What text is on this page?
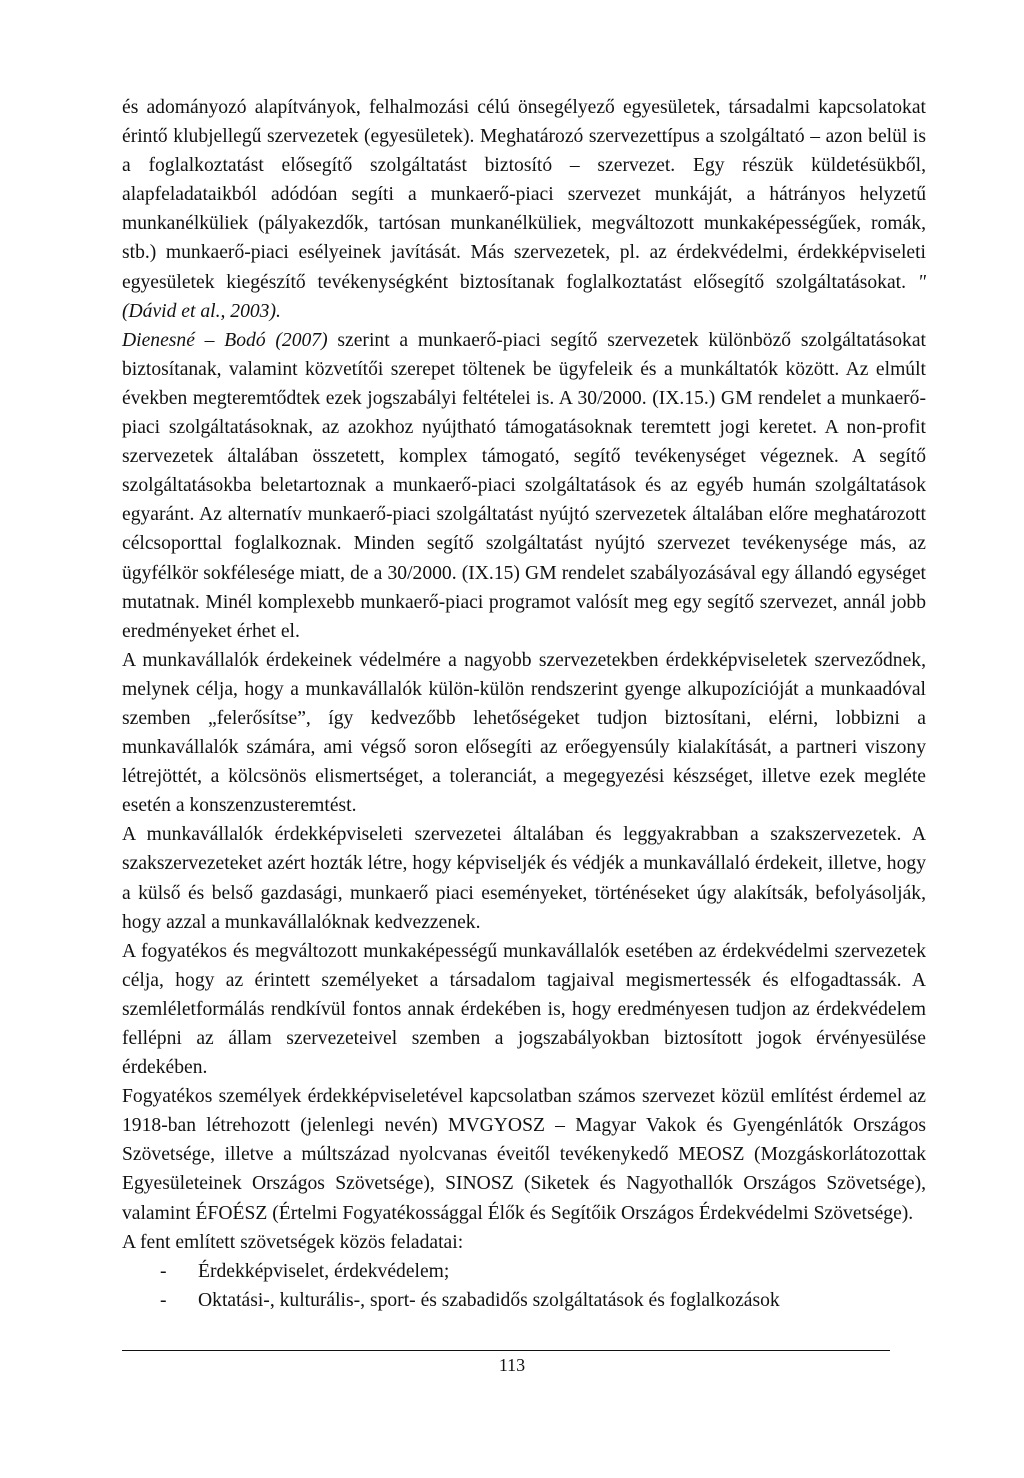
és adományozó alapítványok, felhalmozási célú önsegélyező egyesületek, társadalmi kapcsolatokat érintő klubjellegű szervezetek (egyesületek). Meghatározó szervezettípus a szolgáltató – azon belül is a foglalkoztatást elősegítő szolgáltatást biztosító – szervezet. Egy részük küldetésükből, alapfeladataikból adódóan segíti a munkaerő-piaci szervezet munkáját, a hátrányos helyzetű munkanélküliek (pályakezdők, tartósan munkanélküliek, megváltozott munkaképességűek, romák, stb.) munkaerő-piaci esélyeinek javítását. Más szervezetek, pl. az érdekvédelmi, érdekképviseleti egyesületek kiegészítő tevékenységként biztosítanak foglalkoztatást elősegítő szolgáltatásokat. " (Dávid et al., 2003).

Dienesné – Bodó (2007) szerint a munkaerő-piaci segítő szervezetek különböző szolgáltatásokat biztosítanak, valamint közvetítői szerepet töltenek be ügyfeleik és a munkáltatók között. Az elmúlt években megteremtődtek ezek jogszabályi feltételei is. A 30/2000. (IX.15.) GM rendelet a munkaerő-piaci szolgáltatásoknak, az azokhoz nyújtható támogatásoknak teremtett jogi keretet. A non-profit szervezetek általában összetett, komplex támogató, segítő tevékenységet végeznek. A segítő szolgáltatásokba beletartoznak a munkaerő-piaci szolgáltatások és az egyéb humán szolgáltatások egyaránt. Az alternatív munkaerő-piaci szolgáltatást nyújtó szervezetek általában előre meghatározott célcsoporttal foglalkoznak. Minden segítő szolgáltatást nyújtó szervezet tevékenysége más, az ügyfélkör sokfélesége miatt, de a 30/2000. (IX.15) GM rendelet szabályozásával egy állandó egységet mutatnak. Minél komplexebb munkaerő-piaci programot valósít meg egy segítő szervezet, annál jobb eredményeket érhet el.

A munkavállalók érdekeinek védelmére a nagyobb szervezetekben érdekképviseletek szerveződnek, melynek célja, hogy a munkavállalók külön-külön rendszerint gyenge alkupozícióját a munkaadóval szemben „felerősítse”, így kedvezőbb lehetőségeket tudjon biztosítani, elérni, lobbizni a munkavállalók számára, ami végső soron elősegíti az erőegyensúly kialakítását, a partneri viszony létrejöttét, a kölcsönös elismertséget, a toleranciát, a megegyezési készséget, illetve ezek megléte esetén a konszenzusteremtést.

A munkavállalók érdekképviseleti szervezetei általában és leggyakrabban a szakszervezetek. A szakszervezeteket azért hozták létre, hogy képviseljék és védjék a munkavállaló érdekeit, illetve, hogy a külső és belső gazdasági, munkaerő piaci eseményeket, történéseket úgy alakítsák, befolyásolják, hogy azzal a munkavállalóknak kedvezzenek.

A fogyatékos és megváltozott munkaképességű munkavállalók esetében az érdekvédelmi szervezetek célja, hogy az érintett személyeket a társadalom tagjaival megismertessék és elfogadtassák. A szemléletformálás rendkívül fontos annak érdekében is, hogy eredményesen tudjon az érdekvédelem fellépni az állam szervezeteivel szemben a jogszabályokban biztosított jogok érvényesülése érdekében.

Fogyatékos személyek érdekképviseletével kapcsolatban számos szervezet közül említést érdemel az 1918-ban létrehozott (jelenlegi nevén) MVGYOSZ – Magyar Vakok és Gyengénlátók Országos Szövetsége, illetve a múltszázad nyolcvanas éveitől tevékenykedő MEOSZ (Mozgáskorlátozottak Egyesületeinek Országos Szövetsége), SINOSZ (Siketek és Nagyothallók Országos Szövetsége), valamint ÉFOÉSZ (Értelmi Fogyatékossággal Élők és Segítőik Országos Érdekvédelmi Szövetsége).

A fent említett szövetségek közös feladatai:

- Érdekképviselet, érdekvédelem;
- Oktatási-, kulturális-, sport- és szabadidős szolgáltatások és foglalkozások
113
